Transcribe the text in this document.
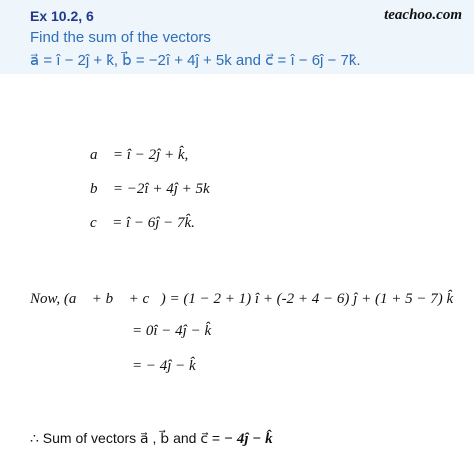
Ex 10.2, 6	teachoo.com
Find the sum of the vectors
a⃗ = î − 2ĵ + k̂, b⃗ = −2î + 4ĵ + 5k and c⃗ = î − 6ĵ − 7k̂.
a⃗ = î − 2ĵ + k̂,
b⃗ = −2î + 4ĵ + 5k
c⃗ = î − 6ĵ − 7k̂.
Now, (a⃗ + b⃗ + c⃗) = (1 − 2 + 1) î + (-2 + 4 − 6) ĵ + (1 + 5 − 7) k̂
= 0î − 4ĵ − k̂
= − 4ĵ − k̂
∴ Sum of vectors a⃗ , b⃗ and c⃗ = − 4ĵ − k̂
